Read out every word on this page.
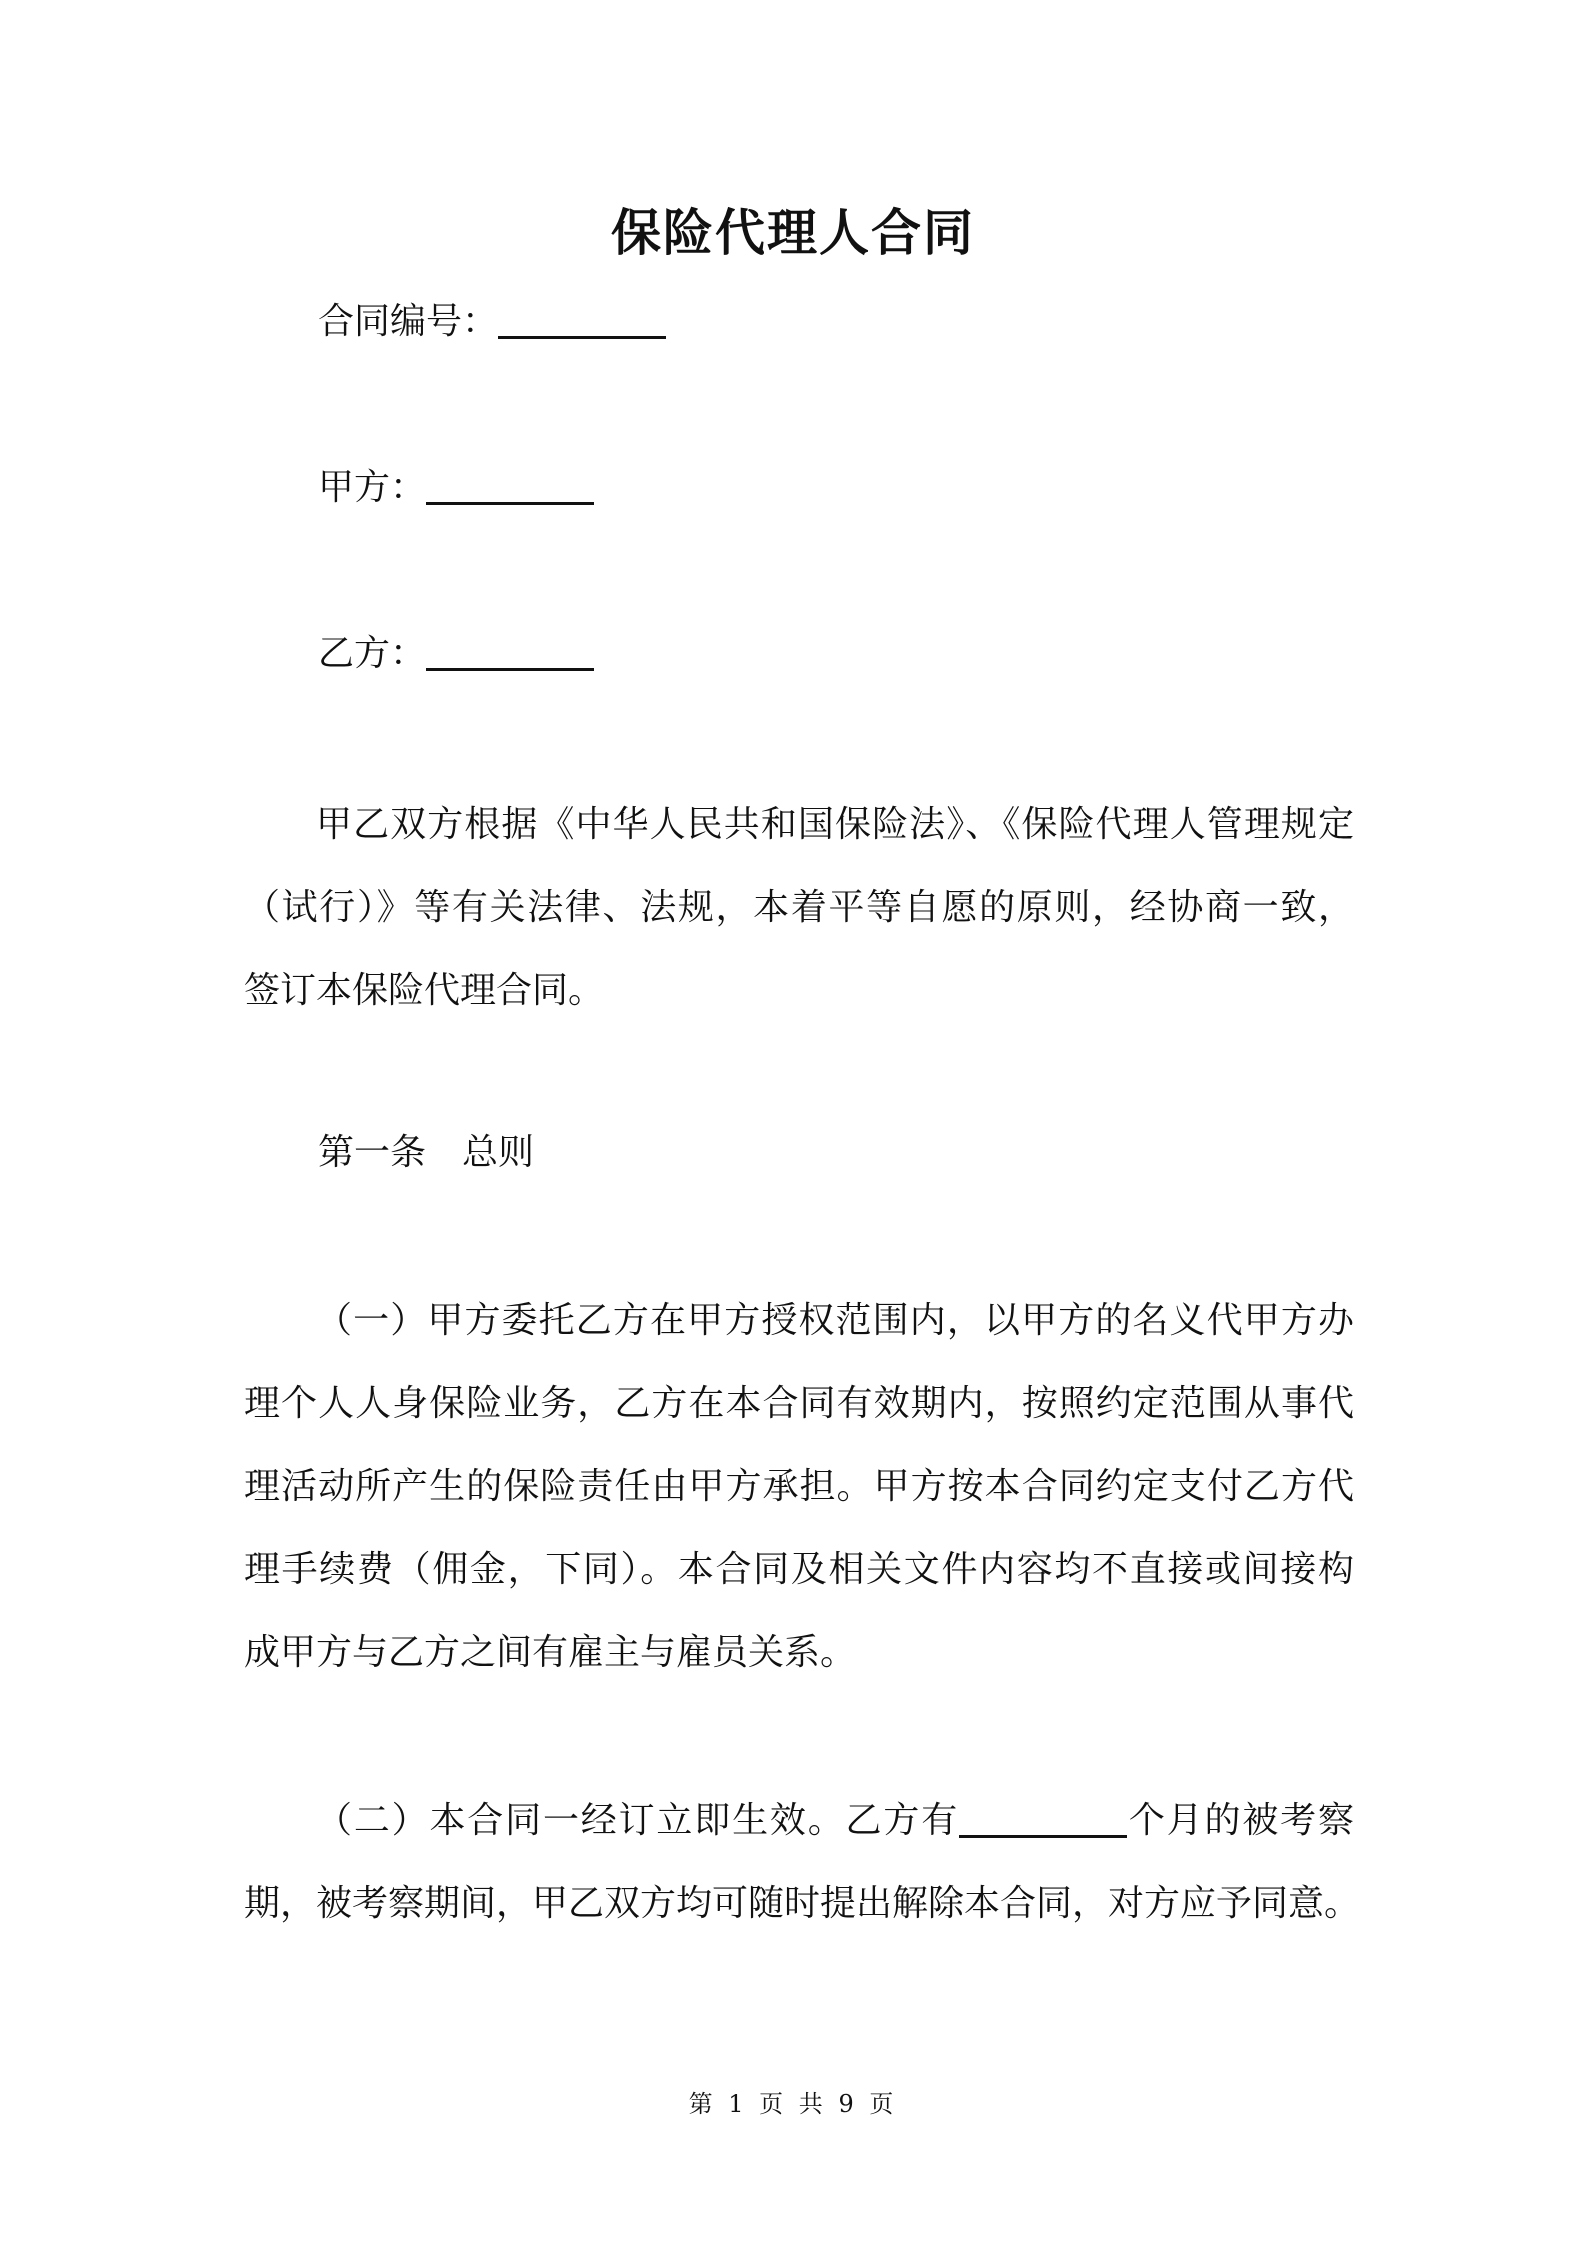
保险代理人合同
合同编号：
甲方：
乙方：
甲乙双方根据《中华人民共和国保险法》、《保险代理人管理规定
（试行）》等有关法律、法规，本着平等自愿的原则，经协商一致，
签订本保险代理合同。
第一条 总则
（一）甲方委托乙方在甲方授权范围内，以甲方的名义代甲方办
理个人人身保险业务，乙方在本合同有效期内，按照约定范围从事代
理活动所产生的保险责任由甲方承担。甲方按本合同约定支付乙方代
理手续费（佣金，下同）。本合同及相关文件内容均不直接或间接构
成甲方与乙方之间有雇主与雇员关系。
（二）本合同一经订立即生效。乙方有	个月的被考察
期，被考察期间，甲乙双方均可随时提出解除本合同，对方应予同意。
第 1 页 共 9 页
